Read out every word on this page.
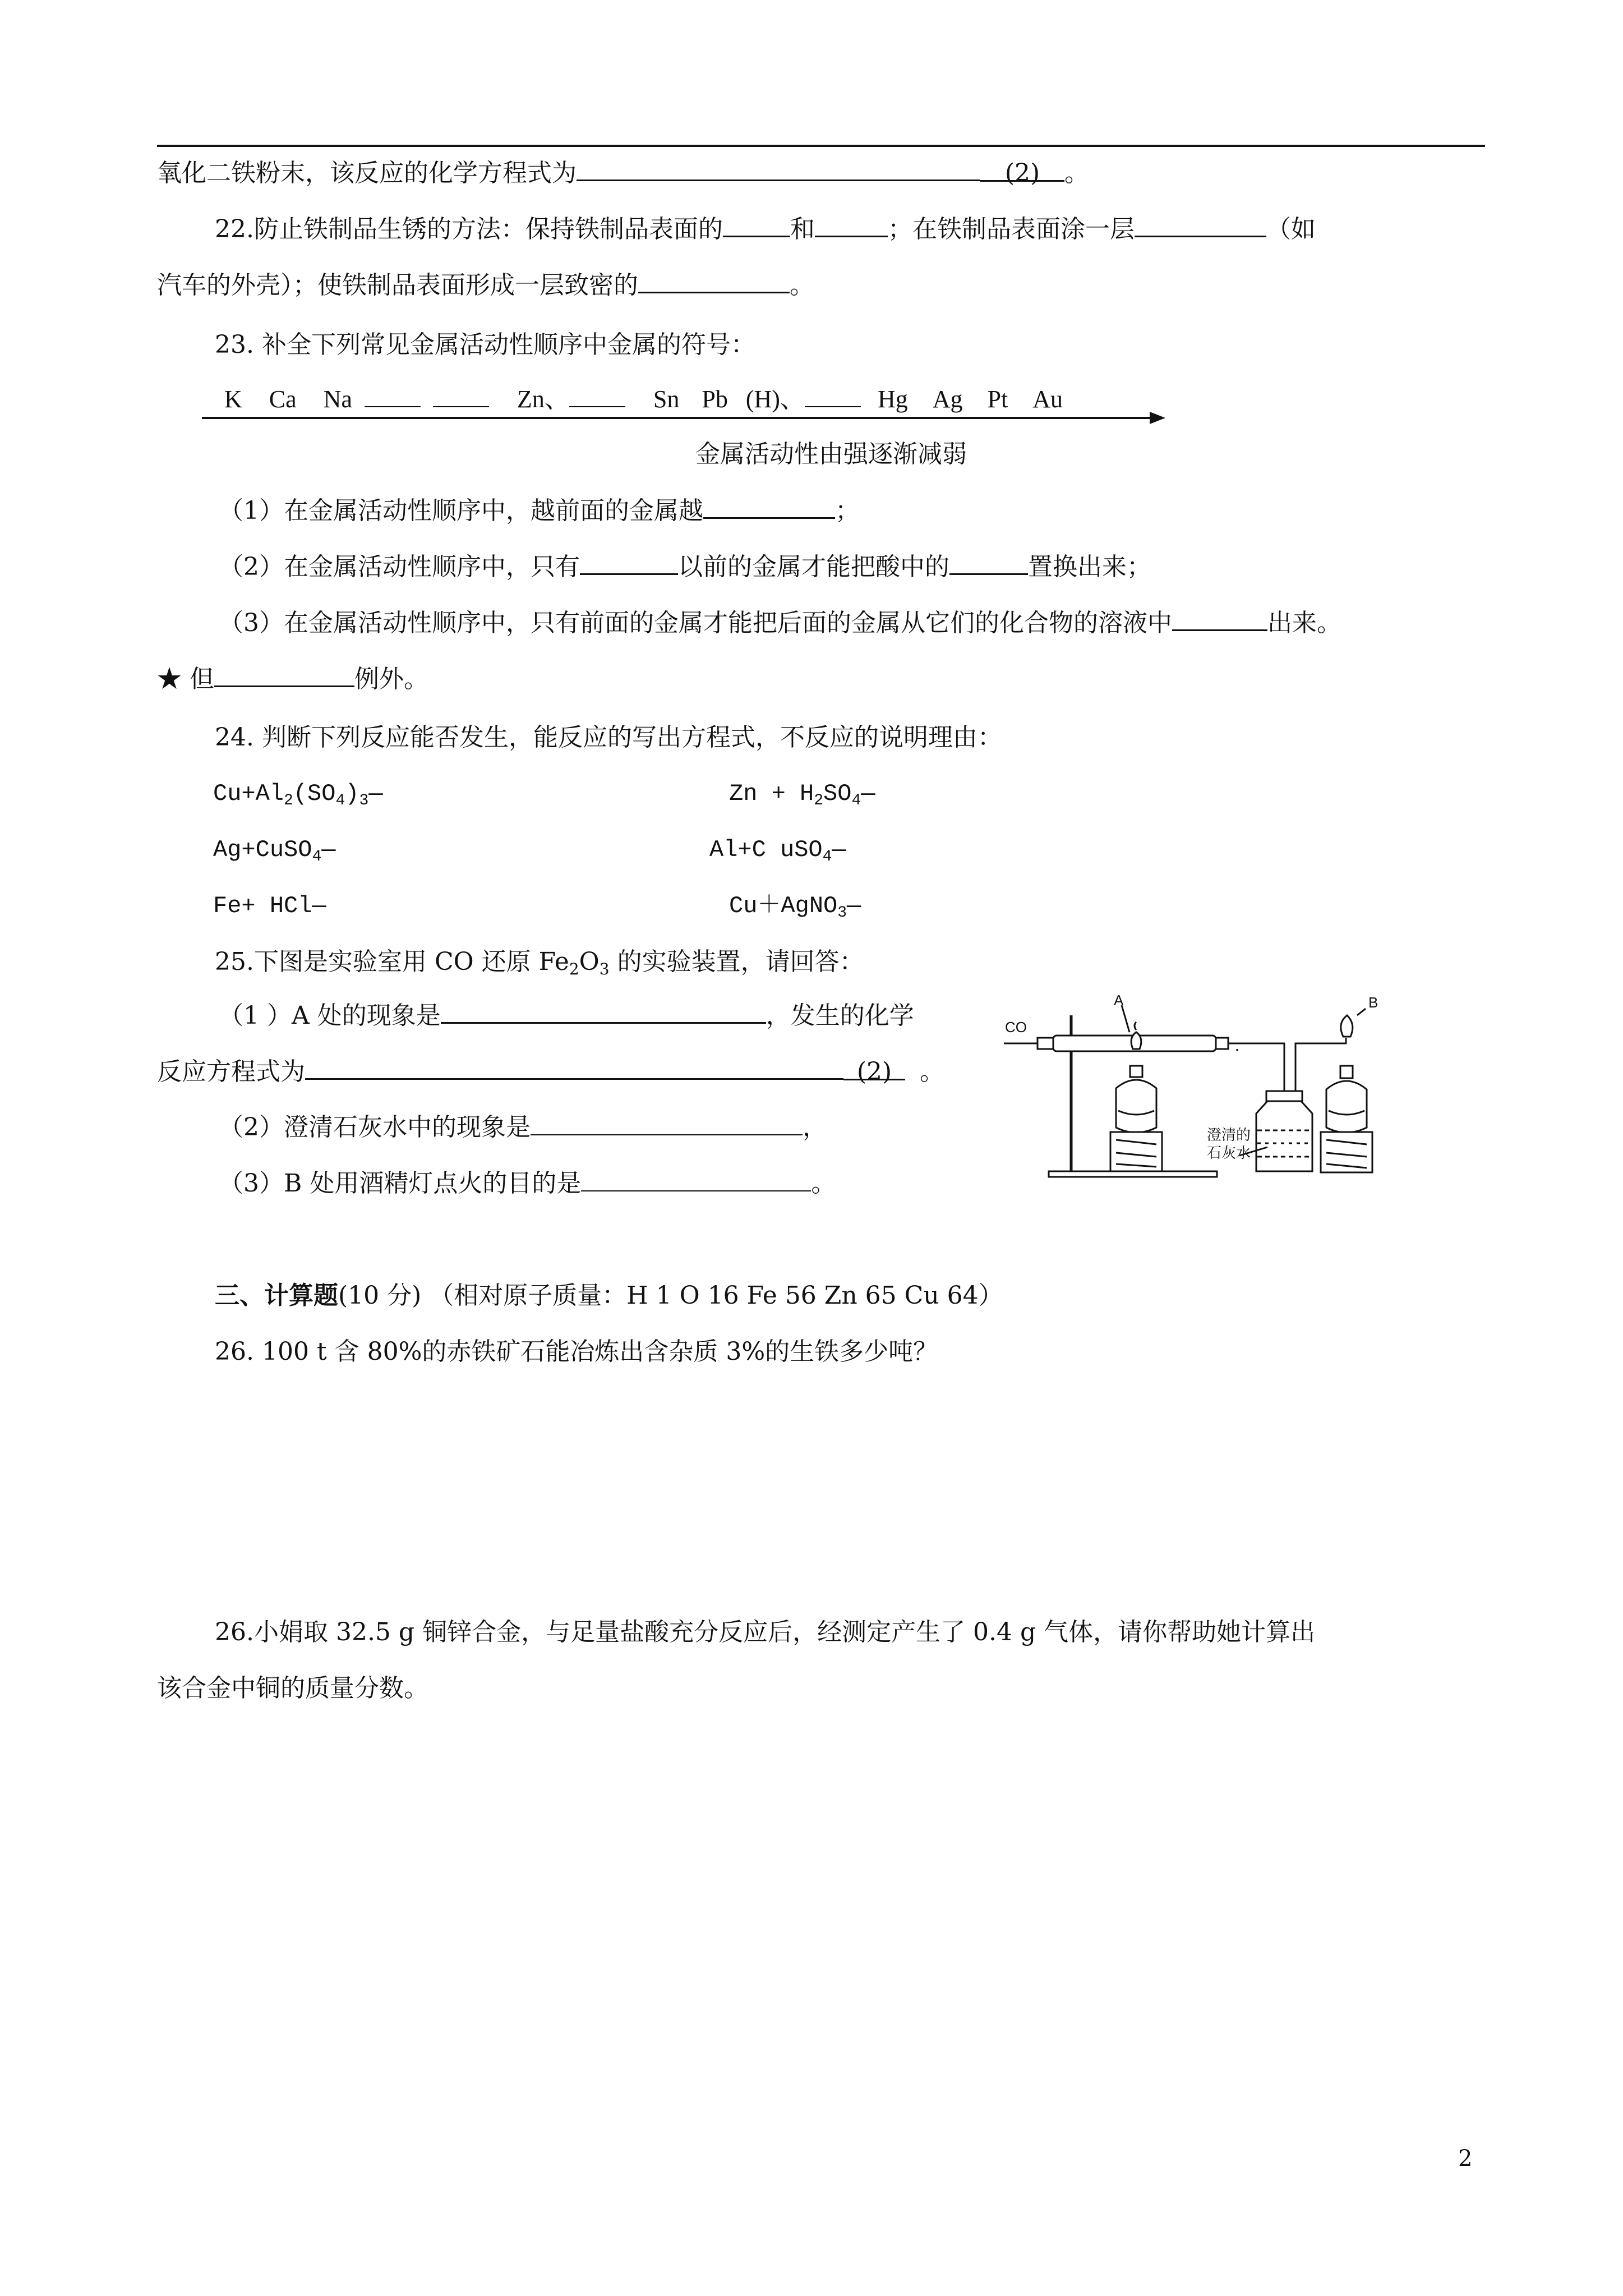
氧化二铁粉末，该反应的化学方程式为	(2) 。
22.防止铁制品生锈的方法：保持铁制品表面的	和	；在铁制品表面涂一层	（如
汽车的外壳）；使铁制品表面形成一层致密的	。
23. 补全下列常见金属活动性顺序中金属的符号：
K Ca Na	Zn、	Sn Pb (H)、	Hg Ag Pt Au
金属活动性由强逐渐减弱
（1）在金属活动性顺序中，越前面的金属越	；
（2）在金属活动性顺序中，只有	以前的金属才能把酸中的	置换出来；
（3）在金属活动性顺序中，只有前面的金属才能把后面的金属从它们的化合物的溶液中	出来。
★ 但	例外。
24. 判断下列反应能否发生，能反应的写出方程式，不反应的说明理由：
$Cu+Al_2(SO_4)_3—$	$Zn + H_2SO_4—$
Ag+CuSO$_4$—	Al+C uSO$_4$—
Fe+ HCl—	Cu＋AgNO$_3$—
25.下图是实验室用 CO 还原 $Fe_2O_3$ 的实验装置，请回答：
（1 ）A 处的现象是	，发生的化学
反应方程式为	(2) 。
（2）澄清石灰水中的现象是	，
（3）B 处用酒精灯点火的目的是	。
CO
A	B
澄清的
石灰水
三、计算题(10 分) （相对原子质量：H 1 O 16 Fe 56 Zn 65 Cu 64）
26. 100 t 含 80%的赤铁矿石能冶炼出含杂质 3%的生铁多少吨？
26.小娟取 32.5 g 铜锌合金，与足量盐酸充分反应后，经测定产生了 0.4 g 气体，请你帮助她计算出
该合金中铜的质量分数。
2
